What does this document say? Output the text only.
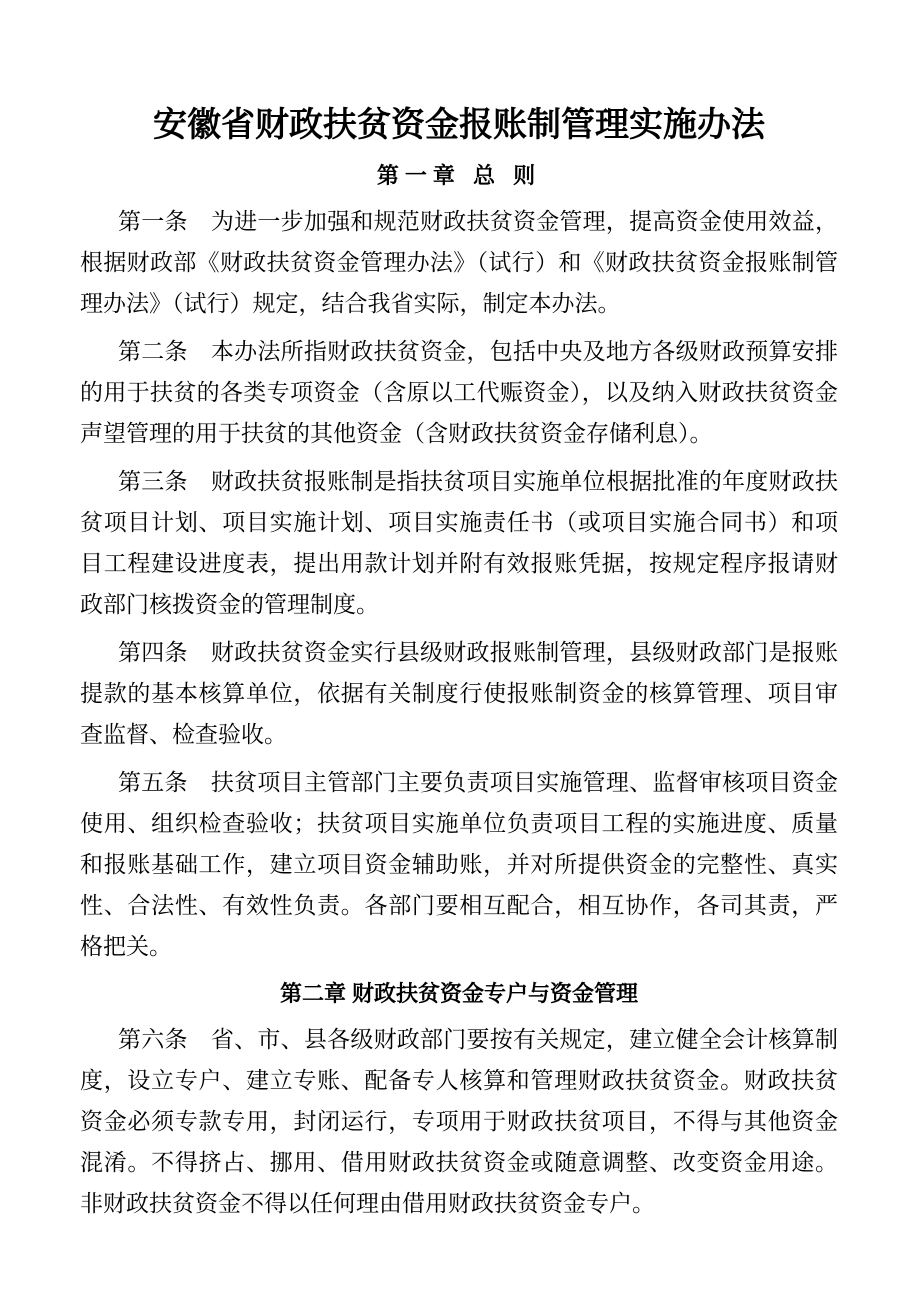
安徽省财政扶贫资金报账制管理实施办法
第一章 总 则

第一条　为进一步加强和规范财政扶贫资金管理，提高资金使用效益，根据财政部《财政扶贫资金管理办法》（试行）和《财政扶贫资金报账制管理办法》（试行）规定，结合我省实际，制定本办法。

第二条　本办法所指财政扶贫资金，包括中央及地方各级财政预算安排的用于扶贫的各类专项资金（含原以工代赈资金），以及纳入财政扶贫资金声望管理的用于扶贫的其他资金（含财政扶贫资金存储利息）。

第三条　财政扶贫报账制是指扶贫项目实施单位根据批准的年度财政扶贫项目计划、项目实施计划、项目实施责任书（或项目实施合同书）和项目工程建设进度表，提出用款计划并附有效报账凭据，按规定程序报请财政部门核拨资金的管理制度。

第四条　财政扶贫资金实行县级财政报账制管理，县级财政部门是报账提款的基本核算单位，依据有关制度行使报账制资金的核算管理、项目审查监督、检查验收。

第五条　扶贫项目主管部门主要负责项目实施管理、监督审核项目资金使用、组织检查验收；扶贫项目实施单位负责项目工程的实施进度、质量和报账基础工作，建立项目资金辅助账，并对所提供资金的完整性、真实性、合法性、有效性负责。各部门要相互配合，相互协作，各司其责，严格把关。

第二章 财政扶贫资金专户与资金管理

第六条　省、市、县各级财政部门要按有关规定，建立健全会计核算制度，设立专户、建立专账、配备专人核算和管理财政扶贫资金。财政扶贫资金必须专款专用，封闭运行，专项用于财政扶贫项目，不得与其他资金混淆。不得挤占、挪用、借用财政扶贫资金或随意调整、改变资金用途。非财政扶贫资金不得以任何理由借用财政扶贫资金专户。
